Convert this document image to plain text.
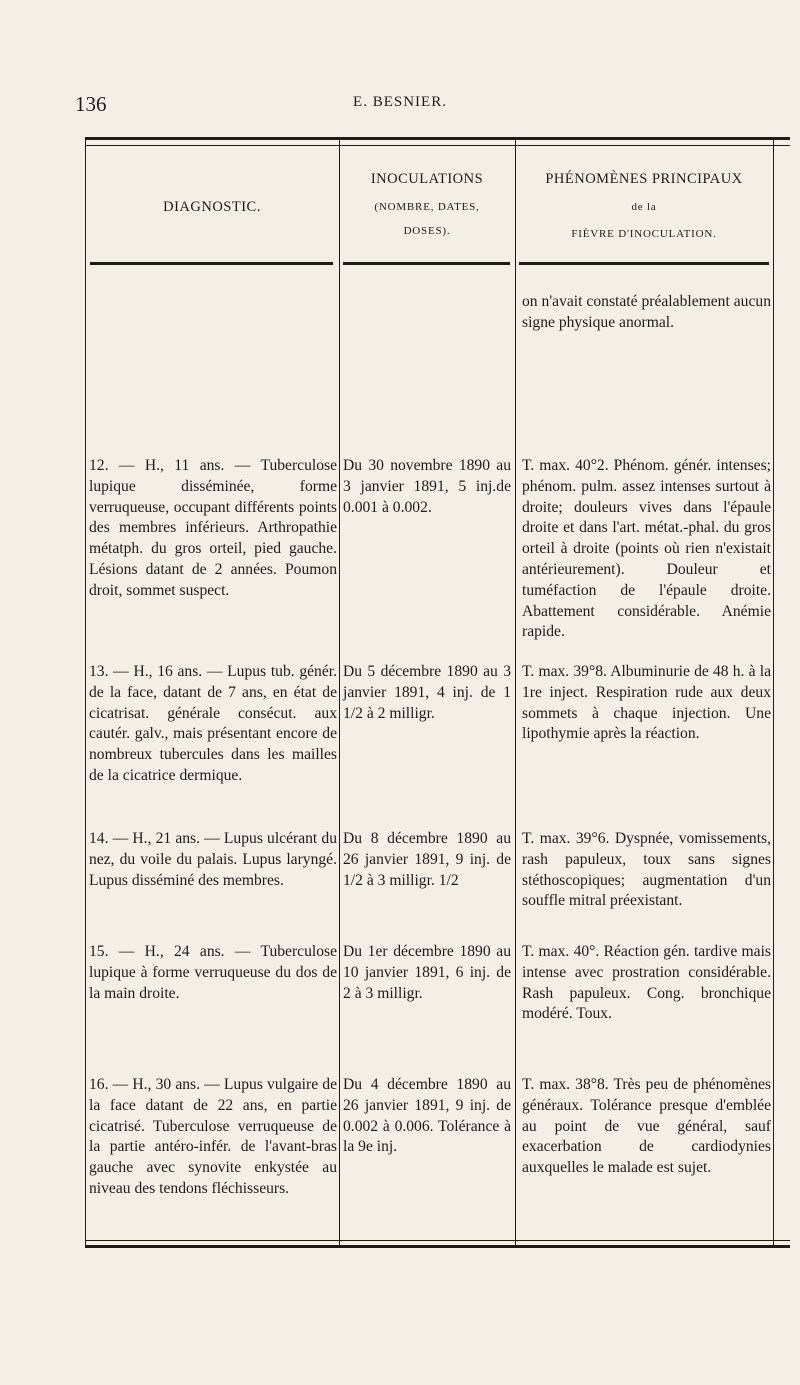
136	E. BESNIER.
DIAGNOSTIC.
INOCULATIONS
(NOMBRE, DATES,
DOSES).
PHÉNOMÈNES PRINCIPAUX
de la
FIÈVRE D'INOCULATION.
on n'avait constaté préalablement aucun signe physique anormal.
12. — H., 11 ans. — Tuberculose lupique disséminée, forme verruqueuse, occupant différents points des membres inférieurs. Arthropathie métatph. du gros orteil, pied gauche. Lésions datant de 2 années. Poumon droit, sommet suspect.
Du 30 novembre 1890 au 3 janvier 1891, 5 inj.de 0.001 à 0.002.
T. max. 40°2. Phénom. génér. intenses; phénom. pulm. assez intenses surtout à droite; douleurs vives dans l'épaule droite et dans l'art. métat.-phal. du gros orteil à droite (points où rien n'existait antérieurement). Douleur et tuméfaction de l'épaule droite. Abattement considérable. Anémie rapide.
13. — H., 16 ans. — Lupus tub. génér. de la face, datant de 7 ans, en état de cicatrisat. générale consécut. aux cautér. galv., mais présentant encore de nombreux tubercules dans les mailles de la cicatrice dermique.
Du 5 décembre 1890 au 3 janvier 1891, 4 inj. de 1 1/2 à 2 milligr.
T. max. 39°8. Albuminurie de 48 h. à la 1re inject. Respiration rude aux deux sommets à chaque injection. Une lipothymie après la réaction.
14. — H., 21 ans. — Lupus ulcérant du nez, du voile du palais. Lupus laryngé. Lupus disséminé des membres.
Du 8 décembre 1890 au 26 janvier 1891, 9 inj. de 1/2 à 3 milligr. 1/2
T. max. 39°6. Dyspnée, vomissements, rash papuleux, toux sans signes stéthoscopiques; augmentation d'un souffle mitral préexistant.
15. — H., 24 ans. — Tuberculose lupique à forme verruqueuse du dos de la main droite.
Du 1er décembre 1890 au 10 janvier 1891, 6 inj. de 2 à 3 milligr.
T. max. 40°. Réaction gén. tardive mais intense avec prostration considérable. Rash papuleux. Cong. bronchique modéré. Toux.
16. — H., 30 ans. — Lupus vulgaire de la face datant de 22 ans, en partie cicatrisé. Tuberculose verruqueuse de la partie antéro-infér. de l'avant-bras gauche avec synovite enkystée au niveau des tendons fléchisseurs.
Du 4 décembre 1890 au 26 janvier 1891, 9 inj. de 0.002 à 0.006. Tolérance à la 9e inj.
T. max. 38°8. Très peu de phénomènes généraux. Tolérance presque d'emblée au point de vue général, sauf exacerbation de cardiodynies auxquelles le malade est sujet.
